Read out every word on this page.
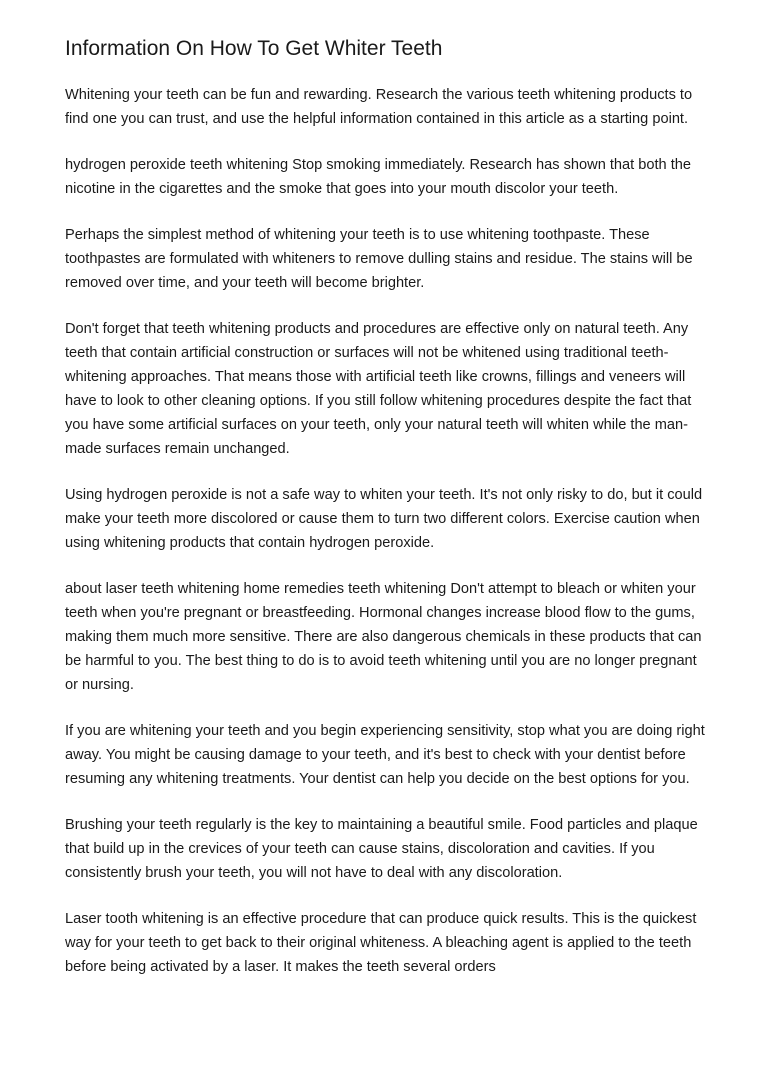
Information On How To Get Whiter Teeth

Whitening your teeth can be fun and rewarding. Research the various teeth whitening products to find one you can trust, and use the helpful information contained in this article as a starting point.

hydrogen peroxide teeth whitening Stop smoking immediately. Research has shown that both the nicotine in the cigarettes and the smoke that goes into your mouth discolor your teeth.

Perhaps the simplest method of whitening your teeth is to use whitening toothpaste. These toothpastes are formulated with whiteners to remove dulling stains and residue. The stains will be removed over time, and your teeth will become brighter.

Don't forget that teeth whitening products and procedures are effective only on natural teeth. Any teeth that contain artificial construction or surfaces will not be whitened using traditional teeth-whitening approaches. That means those with artificial teeth like crowns, fillings and veneers will have to look to other cleaning options. If you still follow whitening procedures despite the fact that you have some artificial surfaces on your teeth, only your natural teeth will whiten while the man-made surfaces remain unchanged.

Using hydrogen peroxide is not a safe way to whiten your teeth. It's not only risky to do, but it could make your teeth more discolored or cause them to turn two different colors. Exercise caution when using whitening products that contain hydrogen peroxide.

about laser teeth whitening home remedies teeth whitening Don't attempt to bleach or whiten your teeth when you're pregnant or breastfeeding. Hormonal changes increase blood flow to the gums, making them much more sensitive. There are also dangerous chemicals in these products that can be harmful to you. The best thing to do is to avoid teeth whitening until you are no longer pregnant or nursing.

If you are whitening your teeth and you begin experiencing sensitivity, stop what you are doing right away. You might be causing damage to your teeth, and it's best to check with your dentist before resuming any whitening treatments. Your dentist can help you decide on the best options for you.

Brushing your teeth regularly is the key to maintaining a beautiful smile. Food particles and plaque that build up in the crevices of your teeth can cause stains, discoloration and cavities. If you consistently brush your teeth, you will not have to deal with any discoloration.

Laser tooth whitening is an effective procedure that can produce quick results. This is the quickest way for your teeth to get back to their original whiteness. A bleaching agent is applied to the teeth before being activated by a laser. It makes the teeth several orders
